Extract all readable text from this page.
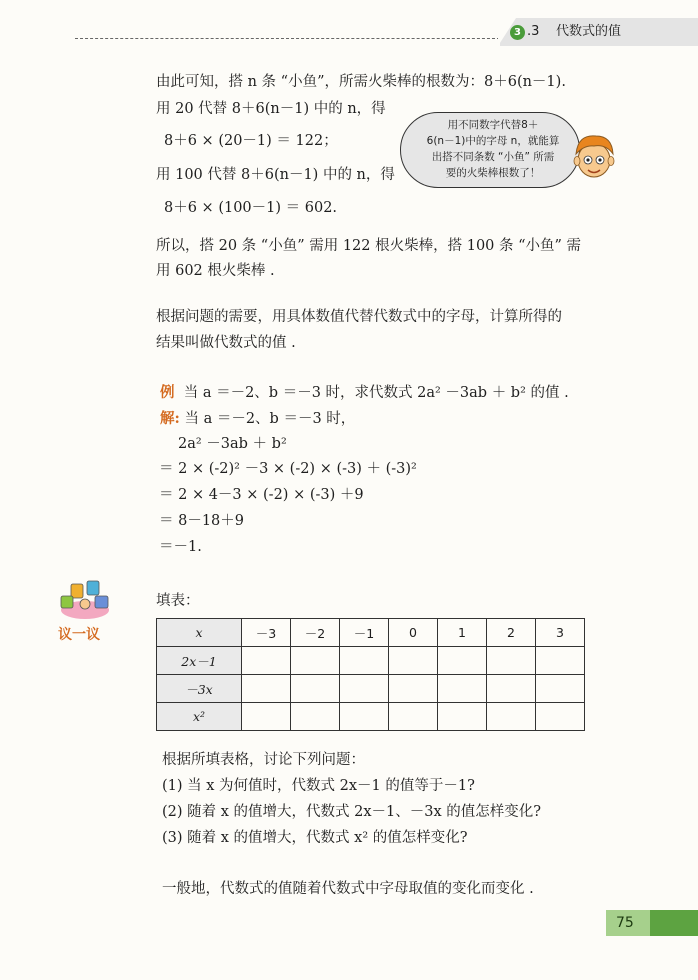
3 .3 代数式的值
由此可知，搭 n 条 “小鱼”，所需火柴棒的根数为：8＋6(n－1).
用 20 代替 8＋6(n－1) 中的 n，得
8＋6 × (20－1) ＝ 122；
用 100 代替 8＋6(n－1) 中的 n，得
8＋6 × (100－1) ＝ 602.
所以，搭 20 条 “小鱼” 需用 122 根火柴棒，搭 100 条 “小鱼” 需
用 602 根火柴棒 .
用不同数字代替8＋
6(n－1)中的字母 n，就能算
出搭不同条数 “小鱼” 所需
要的火柴棒根数了！
根据问题的需要，用具体数值代替代数式中的字母，计算所得的
结果叫做代数式的值 .
例 当 a ＝－2、b ＝－3 时，求代数式 2a² －3ab ＋ b² 的值 .
解: 当 a ＝－2、b ＝－3 时，
2a² －3ab ＋ b²
＝ 2 × (-2)² －3 × (-2) × (-3) ＋ (-3)²
＝ 2 × 4－3 × (-2) × (-3) ＋9
＝ 8－18＋9
＝－1.
议一议
填表：
x	－3	－2	－1	0	1	2	3
2x－1							
－3x							
x²							
根据所填表格，讨论下列问题：
(1) 当 x 为何值时，代数式 2x－1 的值等于－1?
(2) 随着 x 的值增大，代数式 2x－1、－3x 的值怎样变化?
(3) 随着 x 的值增大，代数式 x² 的值怎样变化?
一般地，代数式的值随着代数式中字母取值的变化而变化 .
75
